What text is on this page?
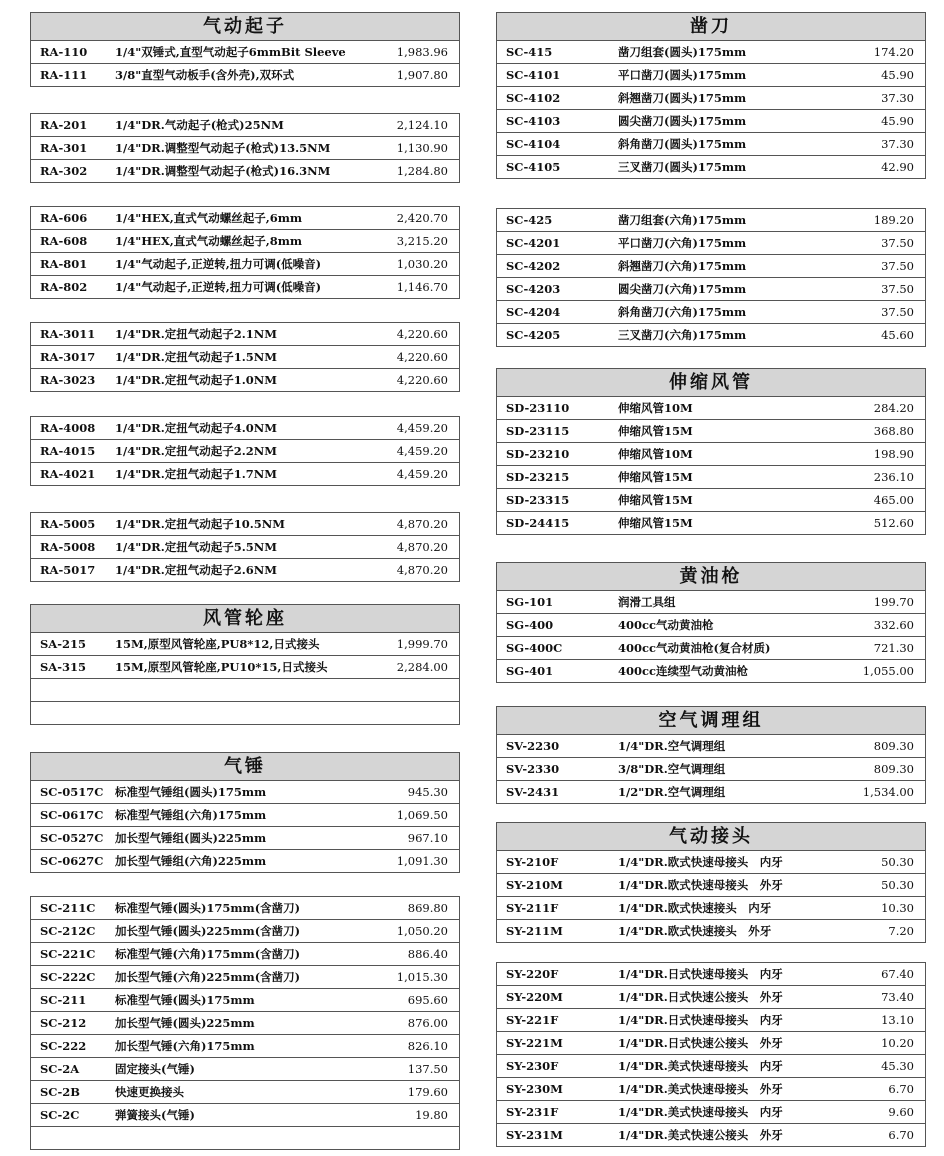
气动起子
RA-110 1/4"双锤式,直型气动起子6mmBit Sleeve	1,983.96
RA-111 3/8"直型气动板手(含外壳),双环式	1,907.80
RA-201 1/4"DR.气动起子(枪式)25NM	2,124.10
RA-301 1/4"DR.调整型气动起子(枪式)13.5NM	1,130.90
RA-302 1/4"DR.调整型气动起子(枪式)16.3NM	1,284.80
RA-606 1/4"HEX,直式气动螺丝起子,6mm	2,420.70
RA-608 1/4"HEX,直式气动螺丝起子,8mm	3,215.20
RA-801 1/4"气动起子,正逆转,扭力可调(低噪音)	1,030.20
RA-802 1/4"气动起子,正逆转,扭力可调(低噪音)	1,146.70
RA-3011 1/4"DR.定扭气动起子2.1NM	4,220.60
RA-3017 1/4"DR.定扭气动起子1.5NM	4,220.60
RA-3023 1/4"DR.定扭气动起子1.0NM	4,220.60
RA-4008 1/4"DR.定扭气动起子4.0NM	4,459.20
RA-4015 1/4"DR.定扭气动起子2.2NM	4,459.20
RA-4021 1/4"DR.定扭气动起子1.7NM	4,459.20
RA-5005 1/4"DR.定扭气动起子10.5NM	4,870.20
RA-5008 1/4"DR.定扭气动起子5.5NM	4,870.20
RA-5017 1/4"DR.定扭气动起子2.6NM	4,870.20
风管轮座
SA-215	15M,原型风管轮座,PU8*12,日式接头	1,999.70
SA-315	15M,原型风管轮座,PU10*15,日式接头	2,284.00
气锤
SC-0517C 标准型气锤组(圆头)175mm	945.30
SC-0617C 标准型气锤组(六角)175mm	1,069.50
SC-0527C 加长型气锤组(圆头)225mm	967.10
SC-0627C 加长型气锤组(六角)225mm	1,091.30
SC-211C 标准型气锤(圆头)175mm(含凿刀)	869.80
SC-212C 加长型气锤(圆头)225mm(含凿刀)	1,050.20
SC-221C 标准型气锤(六角)175mm(含凿刀)	886.40
SC-222C 加长型气锤(六角)225mm(含凿刀)	1,015.30
SC-211	标准型气锤(圆头)175mm	695.60
SC-212	加长型气锤(圆头)225mm	876.00
SC-222	加长型气锤(六角)175mm	826.10
SC-2A	固定接头(气锤)	137.50
SC-2B	快速更换接头	179.60
SC-2C	弹簧接头(气锤)	19.80
凿刀
SC-415	凿刀组套(圆头)175mm	174.20
SC-4101	平口凿刀(圆头)175mm	45.90
SC-4102	斜翘凿刀(圆头)175mm	37.30
SC-4103	圆尖凿刀(圆头)175mm	45.90
SC-4104	斜角凿刀(圆头)175mm	37.30
SC-4105	三叉凿刀(圆头)175mm	42.90
SC-425	凿刀组套(六角)175mm	189.20
SC-4201	平口凿刀(六角)175mm	37.50
SC-4202	斜翘凿刀(六角)175mm	37.50
SC-4203	圆尖凿刀(六角)175mm	37.50
SC-4204	斜角凿刀(六角)175mm	37.50
SC-4205	三叉凿刀(六角)175mm	45.60
伸缩风管
SD-23110	伸缩风管10M	284.20
SD-23115	伸缩风管15M	368.80
SD-23210	伸缩风管10M	198.90
SD-23215	伸缩风管15M	236.10
SD-23315	伸缩风管15M	465.00
SD-24415	伸缩风管15M	512.60
黄油枪
SG-101	润滑工具组	199.70
SG-400	400cc气动黄油枪	332.60
SG-400C	400cc气动黄油枪(复合材质)	721.30
SG-401	400cc连续型气动黄油枪	1,055.00
空气调理组
SV-2230	1/4"DR.空气调理组	809.30
SV-2330	3/8"DR.空气调理组	809.30
SV-2431	1/2"DR.空气调理组	1,534.00
气动接头
SY-210F	1/4"DR.欧式快速母接头　内牙	50.30
SY-210M	1/4"DR.欧式快速母接头　外牙	50.30
SY-211F	1/4"DR.欧式快速接头　内牙	10.30
SY-211M	1/4"DR.欧式快速接头　外牙	7.20
SY-220F	1/4"DR.日式快速母接头　内牙	67.40
SY-220M	1/4"DR.日式快速公接头　外牙	73.40
SY-221F	1/4"DR.日式快速母接头　内牙	13.10
SY-221M	1/4"DR.日式快速公接头　外牙	10.20
SY-230F	1/4"DR.美式快速母接头　内牙	45.30
SY-230M	1/4"DR.美式快速母接头　外牙	6.70
SY-231F	1/4"DR.美式快速母接头　内牙	9.60
SY-231M	1/4"DR.美式快速公接头　外牙	6.70
